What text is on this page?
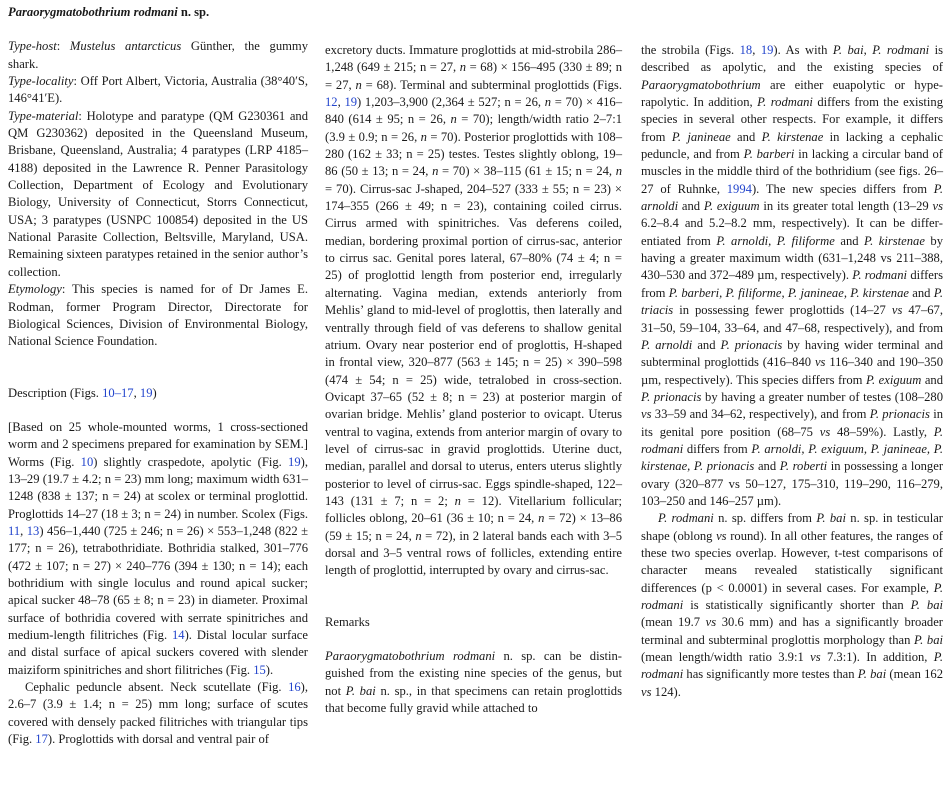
Paraorygmatobothrium rodmani n. sp.

Type-host: Mustelus antarcticus Günther, the gummy shark.

Type-locality: Off Port Albert, Victoria, Australia (38°40′S, 146°41′E).

Type-material: Holotype and paratype (QM G230361 and QM G230362) deposited in the Queensland Museum, Brisbane, Queensland, Australia; 4 paratypes (LRP 4185–4188) deposited in the Lawrence R. Penner Parasitology Collection, Department of Ecology and Evolutionary Biology, University of Connecticut, Storrs Connecticut, USA; 3 paratypes (USNPC 100854) deposited in the US National Parasite Collection, Beltsville, Maryland, USA. Remaining sixteen paratypes retained in the senior author’s collection.

Etymology: This species is named for of Dr James E. Rodman, former Program Director, Directorate for Biological Sciences, Division of Environmental Biology, National Science Foundation.

Description (Figs. 10–17, 19)

[Based on 25 whole-mounted worms, 1 cross-sectioned worm and 2 specimens prepared for examination by SEM.] Worms (Fig. 10) slightly craspedote, apolytic (Fig. 19), 13–29 (19.7 ± 4.2; n = 23) mm long; maximum width 631–1248 (838 ± 137; n = 24) at scolex or terminal proglottid. Proglottids 14–27 (18 ± 3; n = 24) in number. Scolex (Figs. 11, 13) 456–1,440 (725 ± 246; n = 26) × 553–1,248 (822 ± 177; n = 26), tetrabothridiate. Bothridia stalked, 301–776 (472 ± 107; n = 27) × 240–776 (394 ± 130; n = 14); each bothridium with single loculus and round apical sucker; apical sucker 48–78 (65 ± 8; n = 23) in diameter. Proximal surface of bothridia covered with serrate spinitriches and medium-length filitriches (Fig. 14). Distal locular surface and distal surface of apical suckers covered with slender maiziform spinitriches and short filitriches (Fig. 15).

Cephalic peduncle absent. Neck scutellate (Fig. 16), 2.6–7 (3.9 ± 1.4; n = 25) mm long; surface of scutes covered with densely packed filitriches with triangular tips (Fig. 17). Proglottids with dorsal and ventral pair of

excretory ducts. Immature proglottids at mid-strobila 286–1,248 (649 ± 215; n = 27, n = 68) × 156–495 (330 ± 89; n = 27, n = 68). Terminal and subterminal proglottids (Figs. 12, 19) 1,203–3,900 (2,364 ± 527; n = 26, n = 70) × 416–840 (614 ± 95; n = 26, n = 70); length/width ratio 2–7:1 (3.9 ± 0.9; n = 26, n = 70). Posterior proglottids with 108–280 (162 ± 33; n = 25) testes. Testes slightly oblong, 19–86 (50 ± 13; n = 24, n = 70) × 38–115 (61 ± 15; n = 24, n = 70). Cirrus-sac J-shaped, 204–527 (333 ± 55; n = 23) × 174–355 (266 ± 49; n = 23), containing coiled cirrus. Cirrus armed with spinitriches. Vas deferens coiled, median, bordering proximal portion of cirrus-sac, anterior to cirrus sac. Genital pores lateral, 67–80% (74 ± 4; n = 25) of proglottid length from posterior end, irregularly alternating. Vagina median, extends anteriorly from Mehlis’ gland to mid-level of proglottis, then laterally and ventrally through field of vas deferens to shallow genital atrium. Ovary near posterior end of proglottis, H-shaped in frontal view, 320–877 (563 ± 145; n = 25) × 390–598 (474 ± 54; n = 25) wide, tetralobed in cross-section. Ovicapt 37–65 (52 ± 8; n = 23) at posterior margin of ovarian bridge. Mehlis’ gland posterior to ovicapt. Uterus ventral to vagina, extends from anterior margin of ovary to level of cirrus-sac in gravid proglottids. Uterine duct, median, parallel and dorsal to uterus, enters uterus slightly posterior to level of cirrus-sac. Eggs spindle-shaped, 122–143 (131 ± 7; n = 2; n = 12). Vitellarium follicular; follicles oblong, 20–61 (36 ± 10; n = 24, n = 72) × 13–86 (59 ± 15; n = 24, n = 72), in 2 lateral bands each with 3–5 dorsal and 3–5 ventral rows of follicles, extending entire length of proglottid, interrupted by ovary and cirrus-sac.

Remarks

Paraorygmatobothrium rodmani n. sp. can be distinguished from the existing nine species of the genus, but not P. bai n. sp., in that specimens can retain proglottids that become fully gravid while attached to

the strobila (Figs. 18, 19). As with P. bai, P. rodmani is described as apolytic, and the existing species of Paraorygmatobothrium are either euapolytic or hyperapolytic. In addition, P. rodmani differs from the existing species in several other respects. For example, it differs from P. janineae and P. kirstenae in lacking a cephalic peduncle, and from P. barberi in lacking a circular band of muscles in the middle third of the bothridium (see figs. 26–27 of Ruhnke, 1994). The new species differs from P. arnoldi and P. exiguum in its greater total length (13–29 vs 6.2–8.4 and 5.2–8.2 mm, respectively). It can be differentiated from P. arnoldi, P. filiforme and P. kirstenae by having a greater maximum width (631–1,248 vs 211–388, 430–530 and 372–489 µm, respectively). P. rodmani differs from P. barberi, P. filiforme, P. janineae, P. kirstenae and P. triacis in possessing fewer proglottids (14–27 vs 47–67, 31–50, 59–104, 33–64, and 47–68, respectively), and from P. arnoldi and P. prionacis by having wider terminal and subterminal proglottids (416–840 vs 116–340 and 190–350 µm, respectively). This species differs from P. exiguum and P. prionacis by having a greater number of testes (108–280 vs 33–59 and 34–62, respectively), and from P. prionacis in its genital pore position (68–75 vs 48–59%). Lastly, P. rodmani differs from P. arnoldi, P. exiguum, P. janineae, P. kirstenae, P. prionacis and P. roberti in possessing a longer ovary (320–877 vs 50–127, 175–310, 119–290, 116–279, 103–250 and 146–257 µm).

P. rodmani n. sp. differs from P. bai n. sp. in testicular shape (oblong vs round). In all other features, the ranges of these two species overlap. However, t-test comparisons of character means revealed statistically significant differences (p < 0.0001) in several cases. For example, P. rodmani is statistically significantly shorter than P. bai (mean 19.7 vs 30.6 mm) and has a significantly broader terminal and subterminal proglottis morphology than P. bai (mean length/width ratio 3.9:1 vs 7.3:1). In addition, P. rodmani has significantly more testes than P. bai (mean 162 vs 124).
